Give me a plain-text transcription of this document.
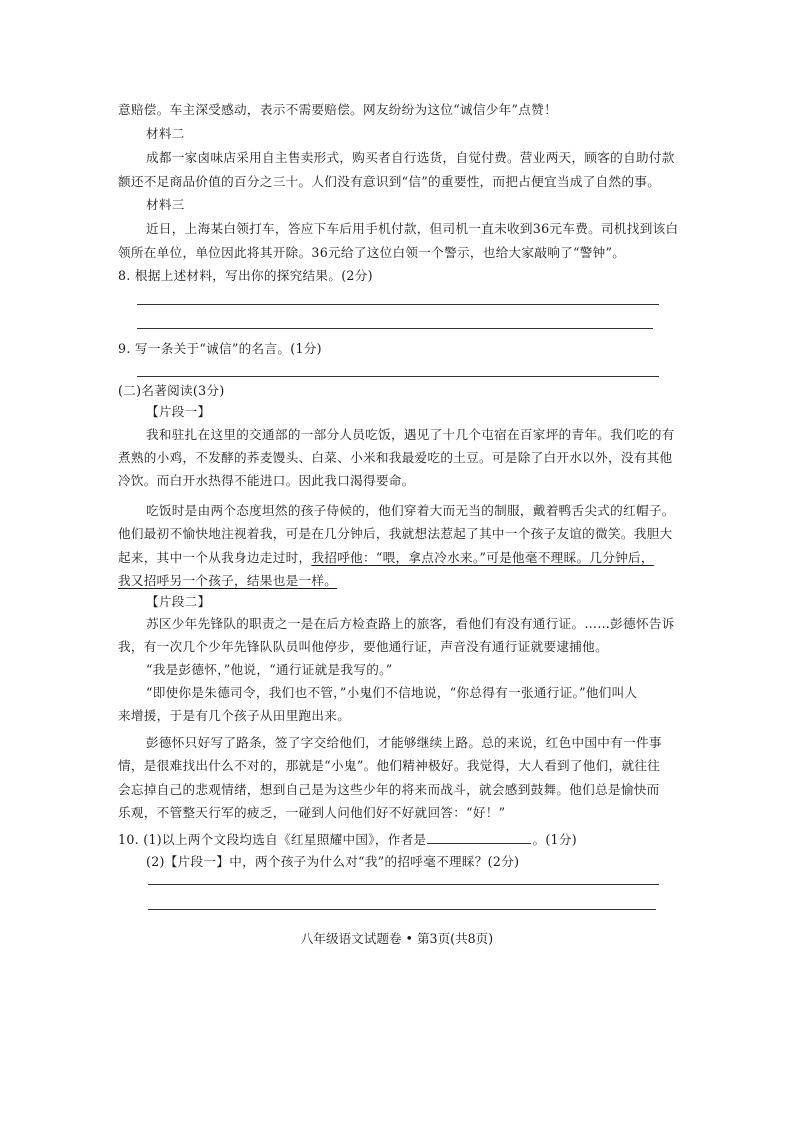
意赔偿。车主深受感动，表示不需要赔偿。网友纷纷为这位“诚信少年”点赞！
材料二
成都一家卤味店采用自主售卖形式，购买者自行选货，自觉付费。营业两天，顾客的自助付款
额还不足商品价值的百分之三十。人们没有意识到“信”的重要性，而把占便宜当成了自然的事。
材料三
近日，上海某白领打车，答应下车后用手机付款，但司机一直未收到36元车费。司机找到该白
领所在单位，单位因此将其开除。36元给了这位白领一个警示，也给大家敲响了“警钟”。
8. 根据上述材料，写出你的探究结果。(2分)
9. 写一条关于“诚信”的名言。(1分)
(二)名著阅读(3分)
【片段一】
我和驻扎在这里的交通部的一部分人员吃饭，遇见了十几个屯宿在百家坪的青年。我们吃的有
煮熟的小鸡，不发酵的荞麦馒头、白菜、小米和我最爱吃的土豆。可是除了白开水以外，没有其他
冷饮。而白开水热得不能进口。因此我口渴得要命。
吃饭时是由两个态度坦然的孩子侍候的，他们穿着大而无当的制服，戴着鸭舌尖式的红帽子。
他们最初不愉快地注视着我，可是在几分钟后，我就想法惹起了其中一个孩子友谊的微笑。我胆大
起来，其中一个从我身边走过时，我招呼他：“喂，拿点冷水来。”可是他毫不理睬。几分钟后，
我又招呼另一个孩子，结果也是一样。
【片段二】
苏区少年先锋队的职责之一是在后方检查路上的旅客，看他们有没有通行证。……彭德怀告诉
我，有一次几个少年先锋队队员叫他停步，要他通行证，声音没有通行证就要逮捕他。
“我是彭德怀，”他说，“通行证就是我写的。”
“即使你是朱德司令，我们也不管，”小鬼们不信地说，“你总得有一张通行证。”他们叫人
来增援，于是有几个孩子从田里跑出来。
彭德怀只好写了路条，签了字交给他们，才能够继续上路。总的来说，红色中国中有一件事
情，是很难找出什么不对的，那就是“小鬼”。他们精神极好。我觉得，大人看到了他们，就往往
会忘掉自己的悲观情绪，想到自己是为这些少年的将来而战斗，就会感到鼓舞。他们总是愉快而
乐观，不管整天行军的疲乏，一碰到人问他们好不好就回答：“好！”
10. (1)以上两个文段均选自《红星照耀中国》，作者是	。(1分)
(2)【片段一】中，两个孩子为什么对“我”的招呼毫不理睬？(2分)
八年级语文试题卷 • 第3页(共8页)
